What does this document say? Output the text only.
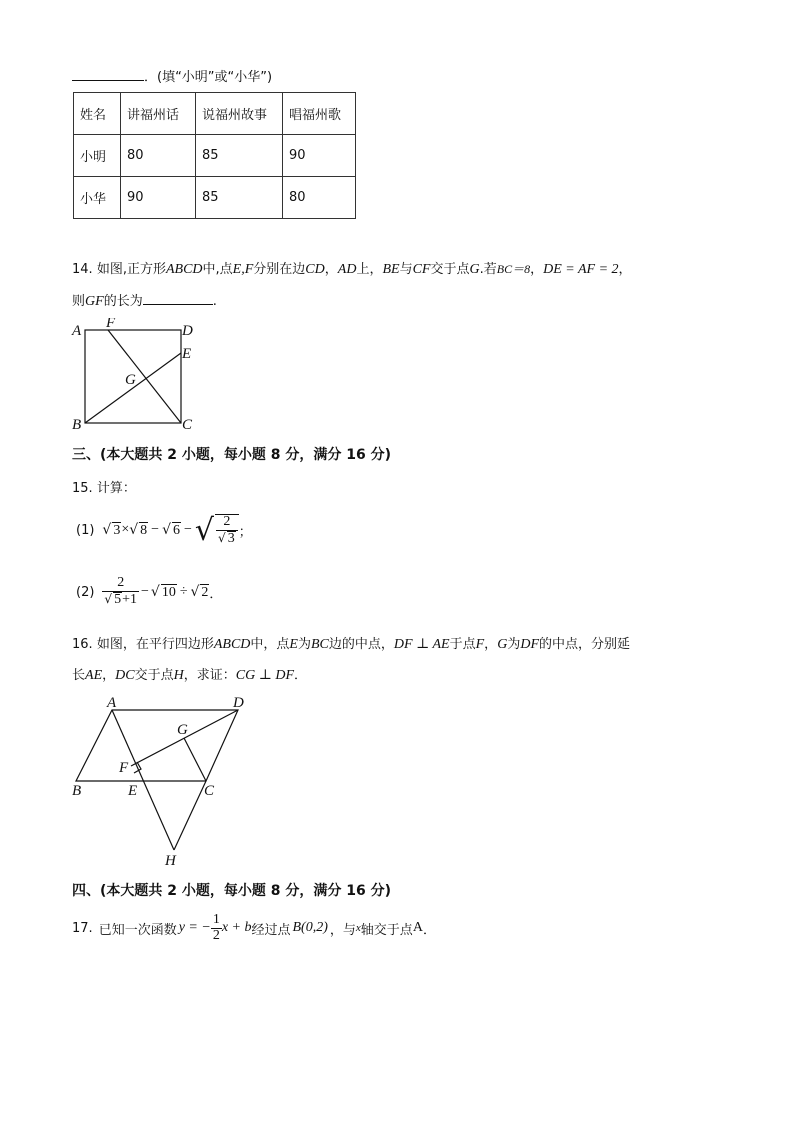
．(填“小明”或“小华”)
姓名	讲福州话	说福州故事	唱福州歌
小明	80	85	90
小华	90	85	80
14. 如图,正方形ABCD中,点E,F分别在边CD，AD上，BE与CF交于点G.若BC＝8，DE = AF = 2，
则GF的长为	.
A F	D
E
G
B	C
三、(本大题共 2 小题，每小题 8 分，满分 16 分)
15. 计算：
(1) √ 3 × √ 8 − √ 6 − √ $\frac{2}{√ 3}$ ；
$(2) \frac{2}{√ 5+1}$ − √ 10 ÷ √ 2 ．
16. 如图，在平行四边形ABCD中，点E为BC边的中点，DF ⊥ AE于点F，G为DF的中点，分别延
长AE，DC交于点H，求证：CG ⊥ DF．
A	D
G
F
B	E	C
H
四、(本大题共 2 小题，每小题 8 分，满分 16 分)
17. 已知一次函数 y = − $\frac{1}{2}$ x + b 经过点 B(0,2) ，与 x 轴交于点 A ．
